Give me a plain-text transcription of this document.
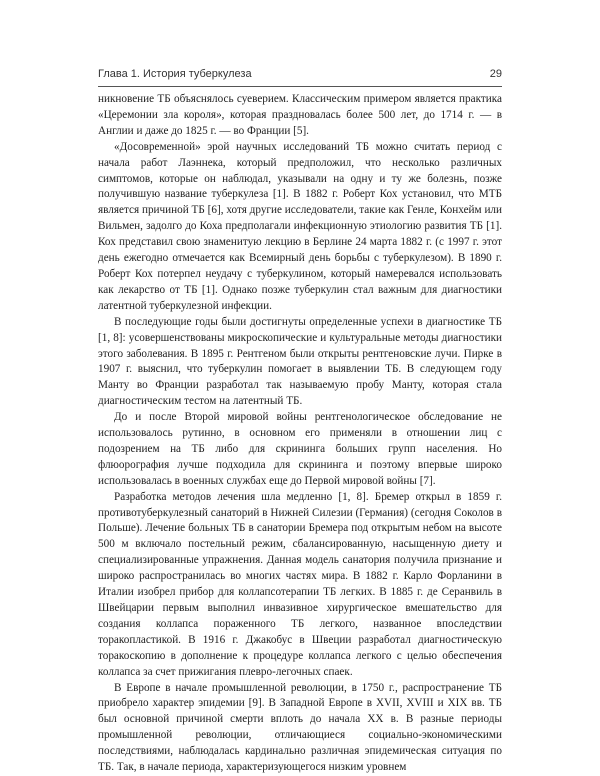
Глава 1. История туберкулеза	29

никновение ТБ объяснялось суеверием. Классическим примером является практика «Церемонии зла короля», которая праздновалась более 500 лет, до 1714 г. — в Англии и даже до 1825 г. — во Франции [5].

«Досовременной» эрой научных исследований ТБ можно считать период с начала работ Лаэннека, который предположил, что несколько различных симптомов, которые он наблюдал, указывали на одну и ту же болезнь, позже получившую название туберкулеза [1]. В 1882 г. Роберт Кох установил, что МТБ является причиной ТБ [6], хотя другие исследователи, такие как Генле, Конхейм или Вильмен, задолго до Коха предполагали инфекционную этиологию развития ТБ [1]. Кох представил свою знаменитую лекцию в Берлине 24 марта 1882 г. (с 1997 г. этот день ежегодно отмечается как Всемирный день борьбы с туберкулезом). В 1890 г. Роберт Кох потерпел неудачу с туберкулином, который намеревался использовать как лекарство от ТБ [1]. Однако позже туберкулин стал важным для диагностики латентной туберкулезной инфекции.

В последующие годы были достигнуты определенные успехи в диагностике ТБ [1, 8]: усовершенствованы микроскопические и культуральные методы диагностики этого заболевания. В 1895 г. Рентгеном были открыты рентгеновские лучи. Пирке в 1907 г. выяснил, что туберкулин помогает в выявлении ТБ. В следующем году Манту во Франции разработал так называемую пробу Манту, которая стала диагностическим тестом на латентный ТБ.

До и после Второй мировой войны рентгенологическое обследование не использовалось рутинно, в основном его применяли в отношении лиц с подозрением на ТБ либо для скрининга больших групп населения. Но флюорография лучше подходила для скрининга и поэтому впервые широко использовалась в военных службах еще до Первой мировой войны [7].

Разработка методов лечения шла медленно [1, 8]. Бремер открыл в 1859 г. противотуберкулезный санаторий в Нижней Силезии (Германия) (сегодня Соколов в Польше). Лечение больных ТБ в санатории Бремера под открытым небом на высоте 500 м включало постельный режим, сбалансированную, насыщенную диету и специализированные упражнения. Данная модель санатория получила признание и широко распространилась во многих частях мира. В 1882 г. Карло Форланини в Италии изобрел прибор для коллапсотерапии ТБ легких. В 1885 г. де Серанвиль в Швейцарии первым выполнил инвазивное хирургическое вмешательство для создания коллапса пораженного ТБ легкого, названное впоследствии торакопластикой. В 1916 г. Джакобус в Швеции разработал диагностическую торакоскопию в дополнение к процедуре коллапса легкого с целью обеспечения коллапса за счет прижигания плевро-легочных спаек.

В Европе в начале промышленной революции, в 1750 г., распространение ТБ приобрело характер эпидемии [9]. В Западной Европе в XVII, XVIII и XIX вв. ТБ был основной причиной смерти вплоть до начала XX в. В разные периоды промышленной революции, отличающиеся социально-экономическими последствиями, наблюдалась кардинально различная эпидемическая ситуация по ТБ. Так, в начале периода, характеризующегося низким уровнем
